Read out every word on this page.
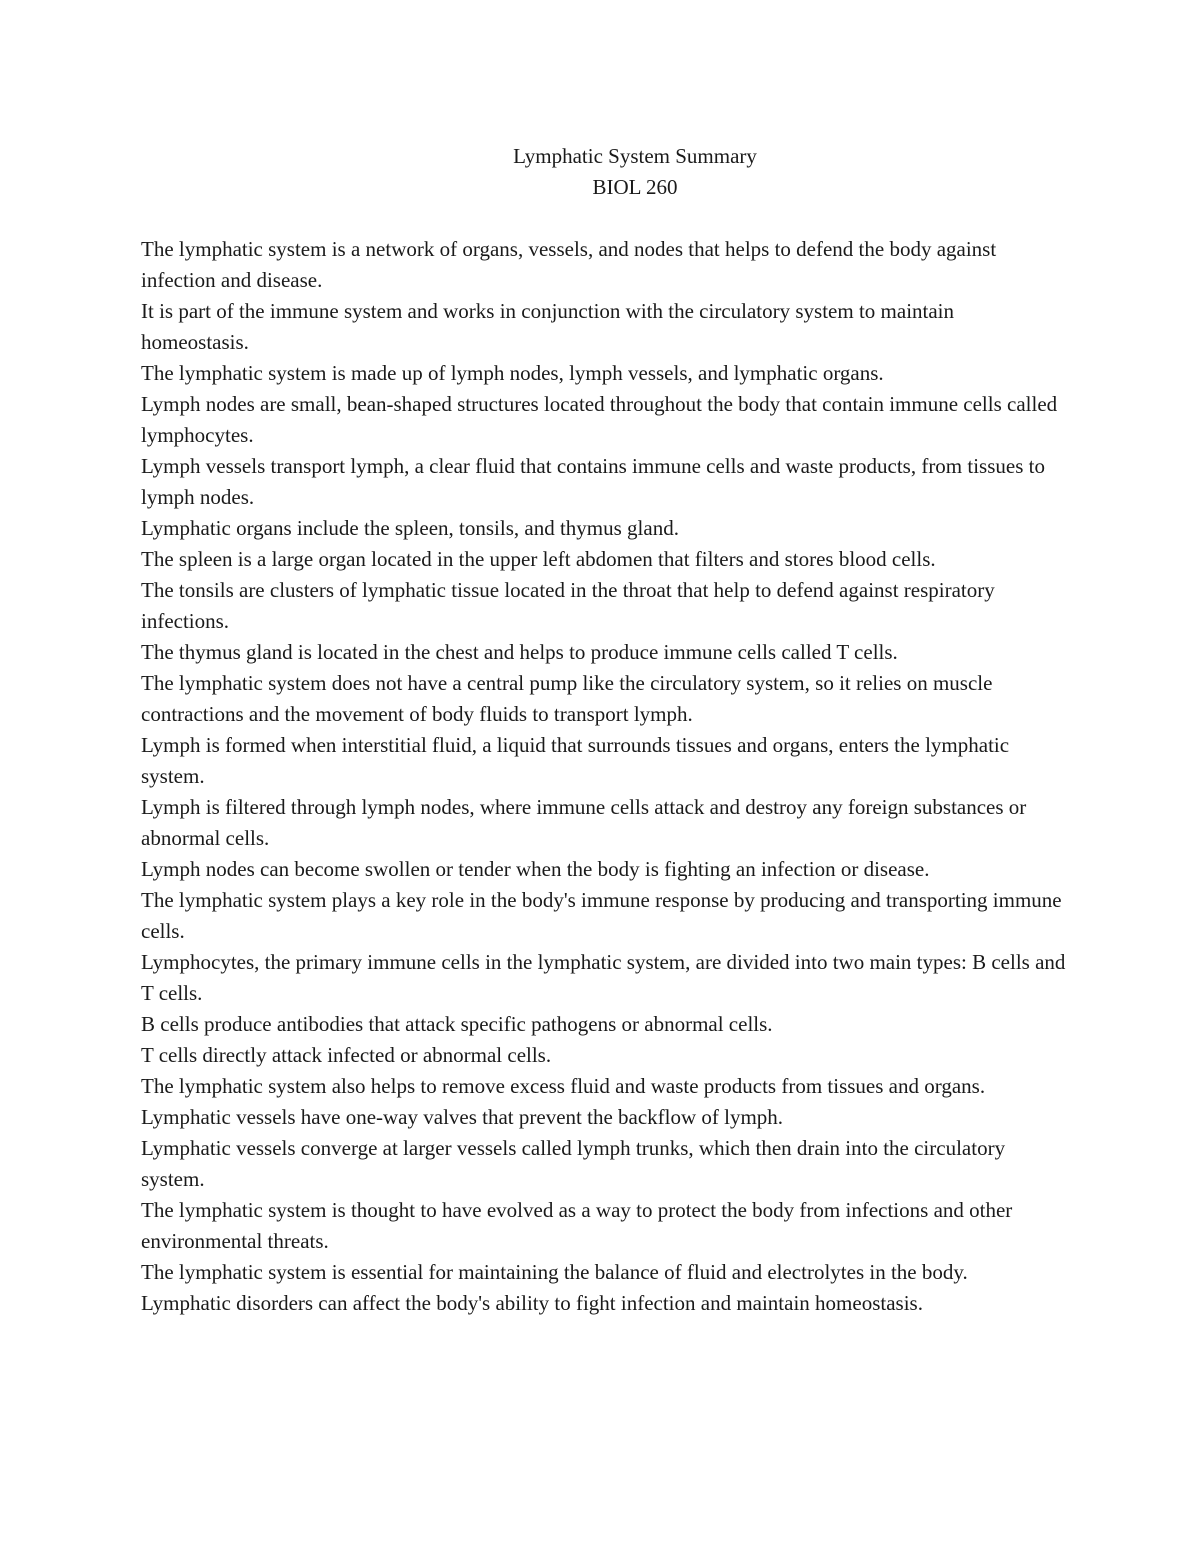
Lymphatic System Summary
BIOL 260

The lymphatic system is a network of organs, vessels, and nodes that helps to defend the body against infection and disease.

It is part of the immune system and works in conjunction with the circulatory system to maintain homeostasis.

The lymphatic system is made up of lymph nodes, lymph vessels, and lymphatic organs.

Lymph nodes are small, bean-shaped structures located throughout the body that contain immune cells called lymphocytes.

Lymph vessels transport lymph, a clear fluid that contains immune cells and waste products, from tissues to lymph nodes.

Lymphatic organs include the spleen, tonsils, and thymus gland.

The spleen is a large organ located in the upper left abdomen that filters and stores blood cells.

The tonsils are clusters of lymphatic tissue located in the throat that help to defend against respiratory infections.

The thymus gland is located in the chest and helps to produce immune cells called T cells.

The lymphatic system does not have a central pump like the circulatory system, so it relies on muscle contractions and the movement of body fluids to transport lymph.

Lymph is formed when interstitial fluid, a liquid that surrounds tissues and organs, enters the lymphatic system.

Lymph is filtered through lymph nodes, where immune cells attack and destroy any foreign substances or abnormal cells.

Lymph nodes can become swollen or tender when the body is fighting an infection or disease.

The lymphatic system plays a key role in the body's immune response by producing and transporting immune cells.

Lymphocytes, the primary immune cells in the lymphatic system, are divided into two main types: B cells and T cells.

B cells produce antibodies that attack specific pathogens or abnormal cells.

T cells directly attack infected or abnormal cells.

The lymphatic system also helps to remove excess fluid and waste products from tissues and organs.

Lymphatic vessels have one-way valves that prevent the backflow of lymph.

Lymphatic vessels converge at larger vessels called lymph trunks, which then drain into the circulatory system.

The lymphatic system is thought to have evolved as a way to protect the body from infections and other environmental threats.

The lymphatic system is essential for maintaining the balance of fluid and electrolytes in the body.

Lymphatic disorders can affect the body's ability to fight infection and maintain homeostasis.
